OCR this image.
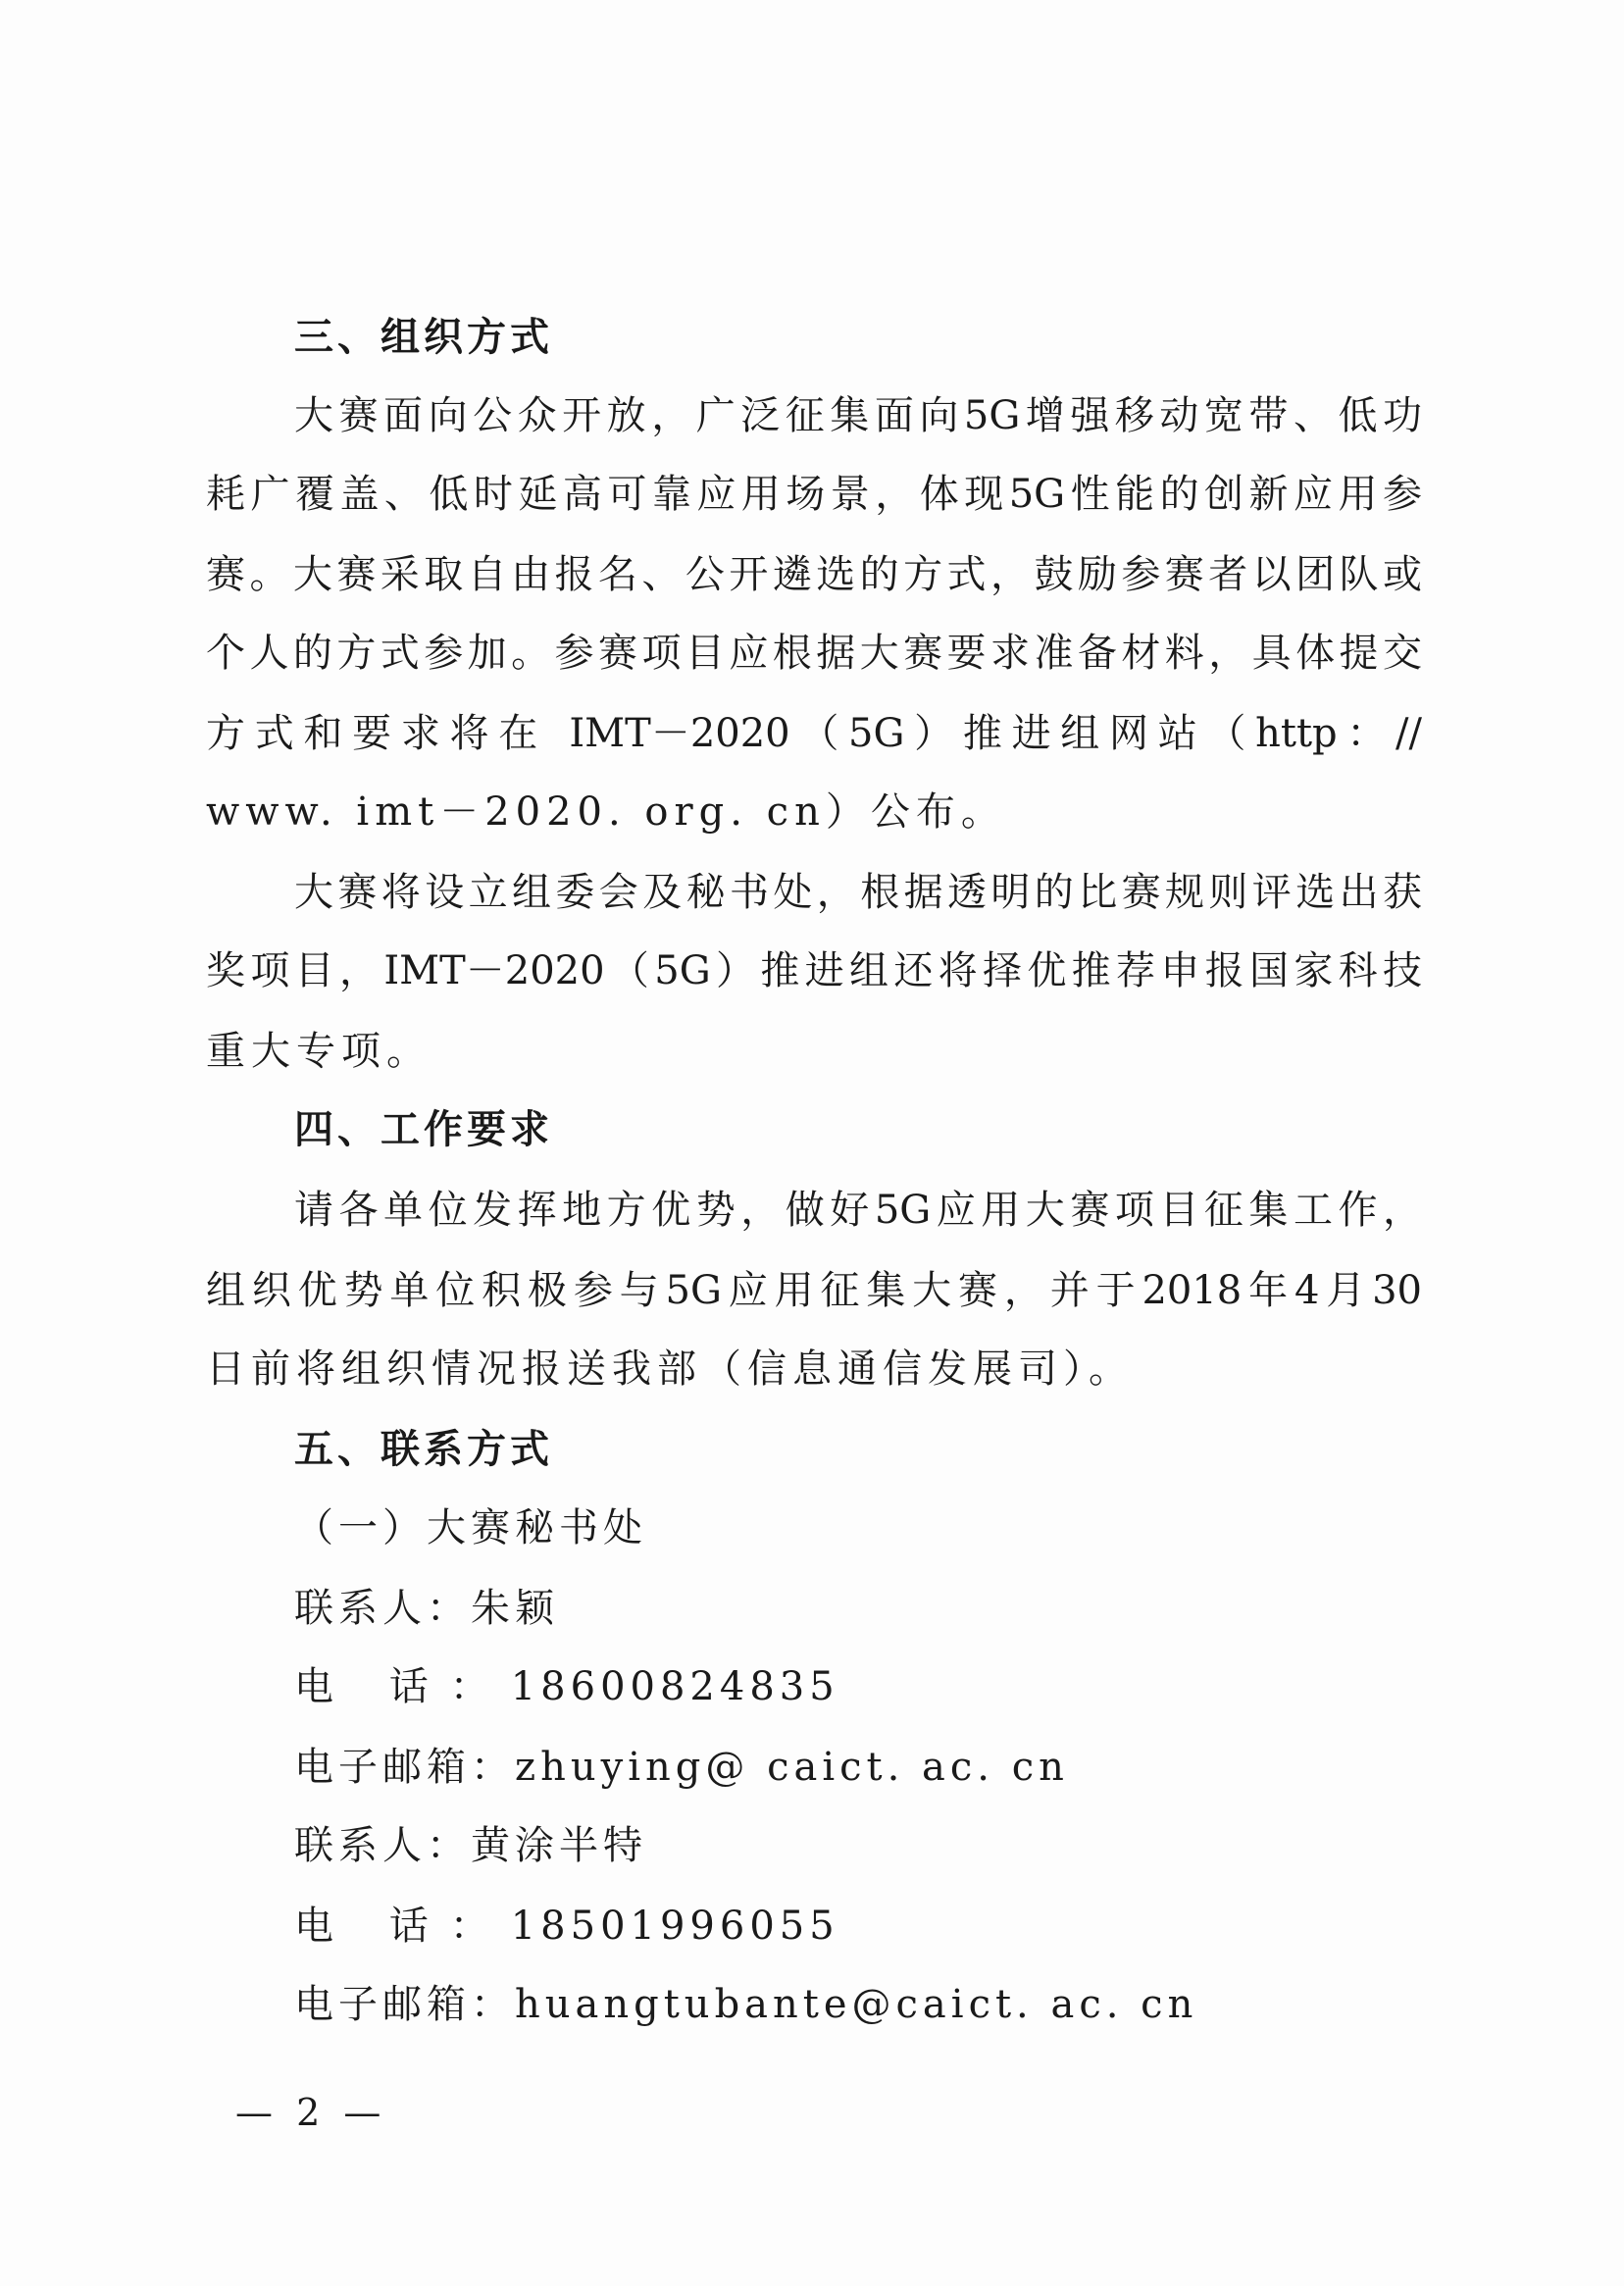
三、组织方式
大赛面向公众开放，广泛征集面向5G增强移动宽带、低功
耗广覆盖、低时延高可靠应用场景，体现5G性能的创新应用参
赛。大赛采取自由报名、公开遴选的方式，鼓励参赛者以团队或
个人的方式参加。参赛项目应根据大赛要求准备材料，具体提交
方式和要求将在 IMT－2020（5G）推进组网站（http：//
www. imt－2020. org. cn）公布。
大赛将设立组委会及秘书处，根据透明的比赛规则评选出获
奖项目，IMT－2020（5G）推进组还将择优推荐申报国家科技
重大专项。
四、工作要求
请各单位发挥地方优势，做好5G应用大赛项目征集工作，
组织优势单位积极参与5G应用征集大赛，并于2018年4月30
日前将组织情况报送我部（信息通信发展司）。
五、联系方式
（一）大赛秘书处
联系人：朱颖
电 话：18600824835
电子邮箱：zhuying@ caict. ac. cn
联系人：黄涂半特
电 话：18501996055
电子邮箱：huangtubante@caict. ac. cn
— 2 —
